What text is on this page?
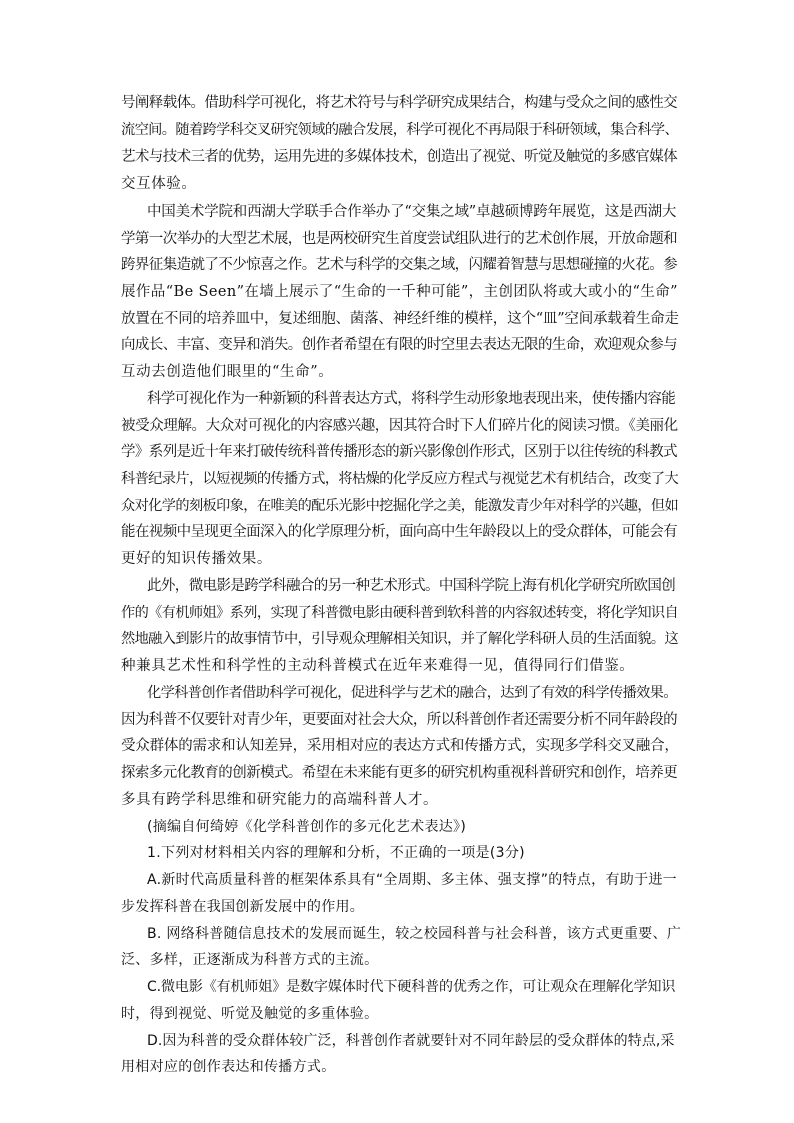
号阐释载体。借助科学可视化，将艺术符号与科学研究成果结合，构建与受众之间的感性交
流空间。随着跨学科交叉研究领域的融合发展，科学可视化不再局限于科研领域，集合科学、
艺术与技术三者的优势，运用先进的多媒体技术，创造出了视觉、听觉及触觉的多感官媒体
交互体验。
中国美术学院和西湖大学联手合作举办了“交集之域”卓越硕博跨年展览，这是西湖大
学第一次举办的大型艺术展，也是两校研究生首度尝试组队进行的艺术创作展，开放命题和
跨界征集造就了不少惊喜之作。艺术与科学的交集之域，闪耀着智慧与思想碰撞的火花。参
展作品“Be Seen”在墙上展示了“生命的一千种可能”，主创团队将或大或小的“生命”
放置在不同的培养皿中，复述细胞、菌落、神经纤维的模样，这个“皿”空间承载着生命走
向成长、丰富、变异和消失。创作者希望在有限的时空里去表达无限的生命，欢迎观众参与
互动去创造他们眼里的“生命”。
科学可视化作为一种新颖的科普表达方式，将科学生动形象地表现出来，使传播内容能
被受众理解。大众对可视化的内容感兴趣，因其符合时下人们碎片化的阅读习惯。《美丽化
学》系列是近十年来打破传统科普传播形态的新兴影像创作形式，区别于以往传统的科教式
科普纪录片，以短视频的传播方式，将枯燥的化学反应方程式与视觉艺术有机结合，改变了大
众对化学的刻板印象，在唯美的配乐光影中挖掘化学之美，能激发青少年对科学的兴趣，但如
能在视频中呈现更全面深入的化学原理分析，面向高中生年龄段以上的受众群体，可能会有
更好的知识传播效果。
此外，微电影是跨学科融合的另一种艺术形式。中国科学院上海有机化学研究所欧国创
作的《有机师姐》系列，实现了科普微电影由硬科普到软科普的内容叙述转变，将化学知识自
然地融入到影片的故事情节中，引导观众理解相关知识，并了解化学科研人员的生活面貌。这
种兼具艺术性和科学性的主动科普模式在近年来难得一见，值得同行们借鉴。
化学科普创作者借助科学可视化，促进科学与艺术的融合，达到了有效的科学传播效果。
因为科普不仅要针对青少年，更要面对社会大众，所以科普创作者还需要分析不同年龄段的
受众群体的需求和认知差异，采用相对应的表达方式和传播方式，实现多学科交叉融合，
探索多元化教育的创新模式。希望在未来能有更多的研究机构重视科普研究和创作，培养更
多具有跨学科思维和研究能力的高端科普人才。
(摘编自何绮婷《化学科普创作的多元化艺术表达》)
1.下列对材料相关内容的理解和分析，不正确的一项是(3分)
A.新时代高质量科普的框架体系具有“全周期、多主体、强支撑”的特点，有助于进一
步发挥科普在我国创新发展中的作用。
B. 网络科普随信息技术的发展而诞生，较之校园科普与社会科普，该方式更重要、广
泛、多样，正逐渐成为科普方式的主流。
C.微电影《有机师姐》是数字媒体时代下硬科普的优秀之作，可让观众在理解化学知识
时，得到视觉、听觉及触觉的多重体验。
D.因为科普的受众群体较广泛，科普创作者就要针对不同年龄层的受众群体的特点,采
用相对应的创作表达和传播方式。
